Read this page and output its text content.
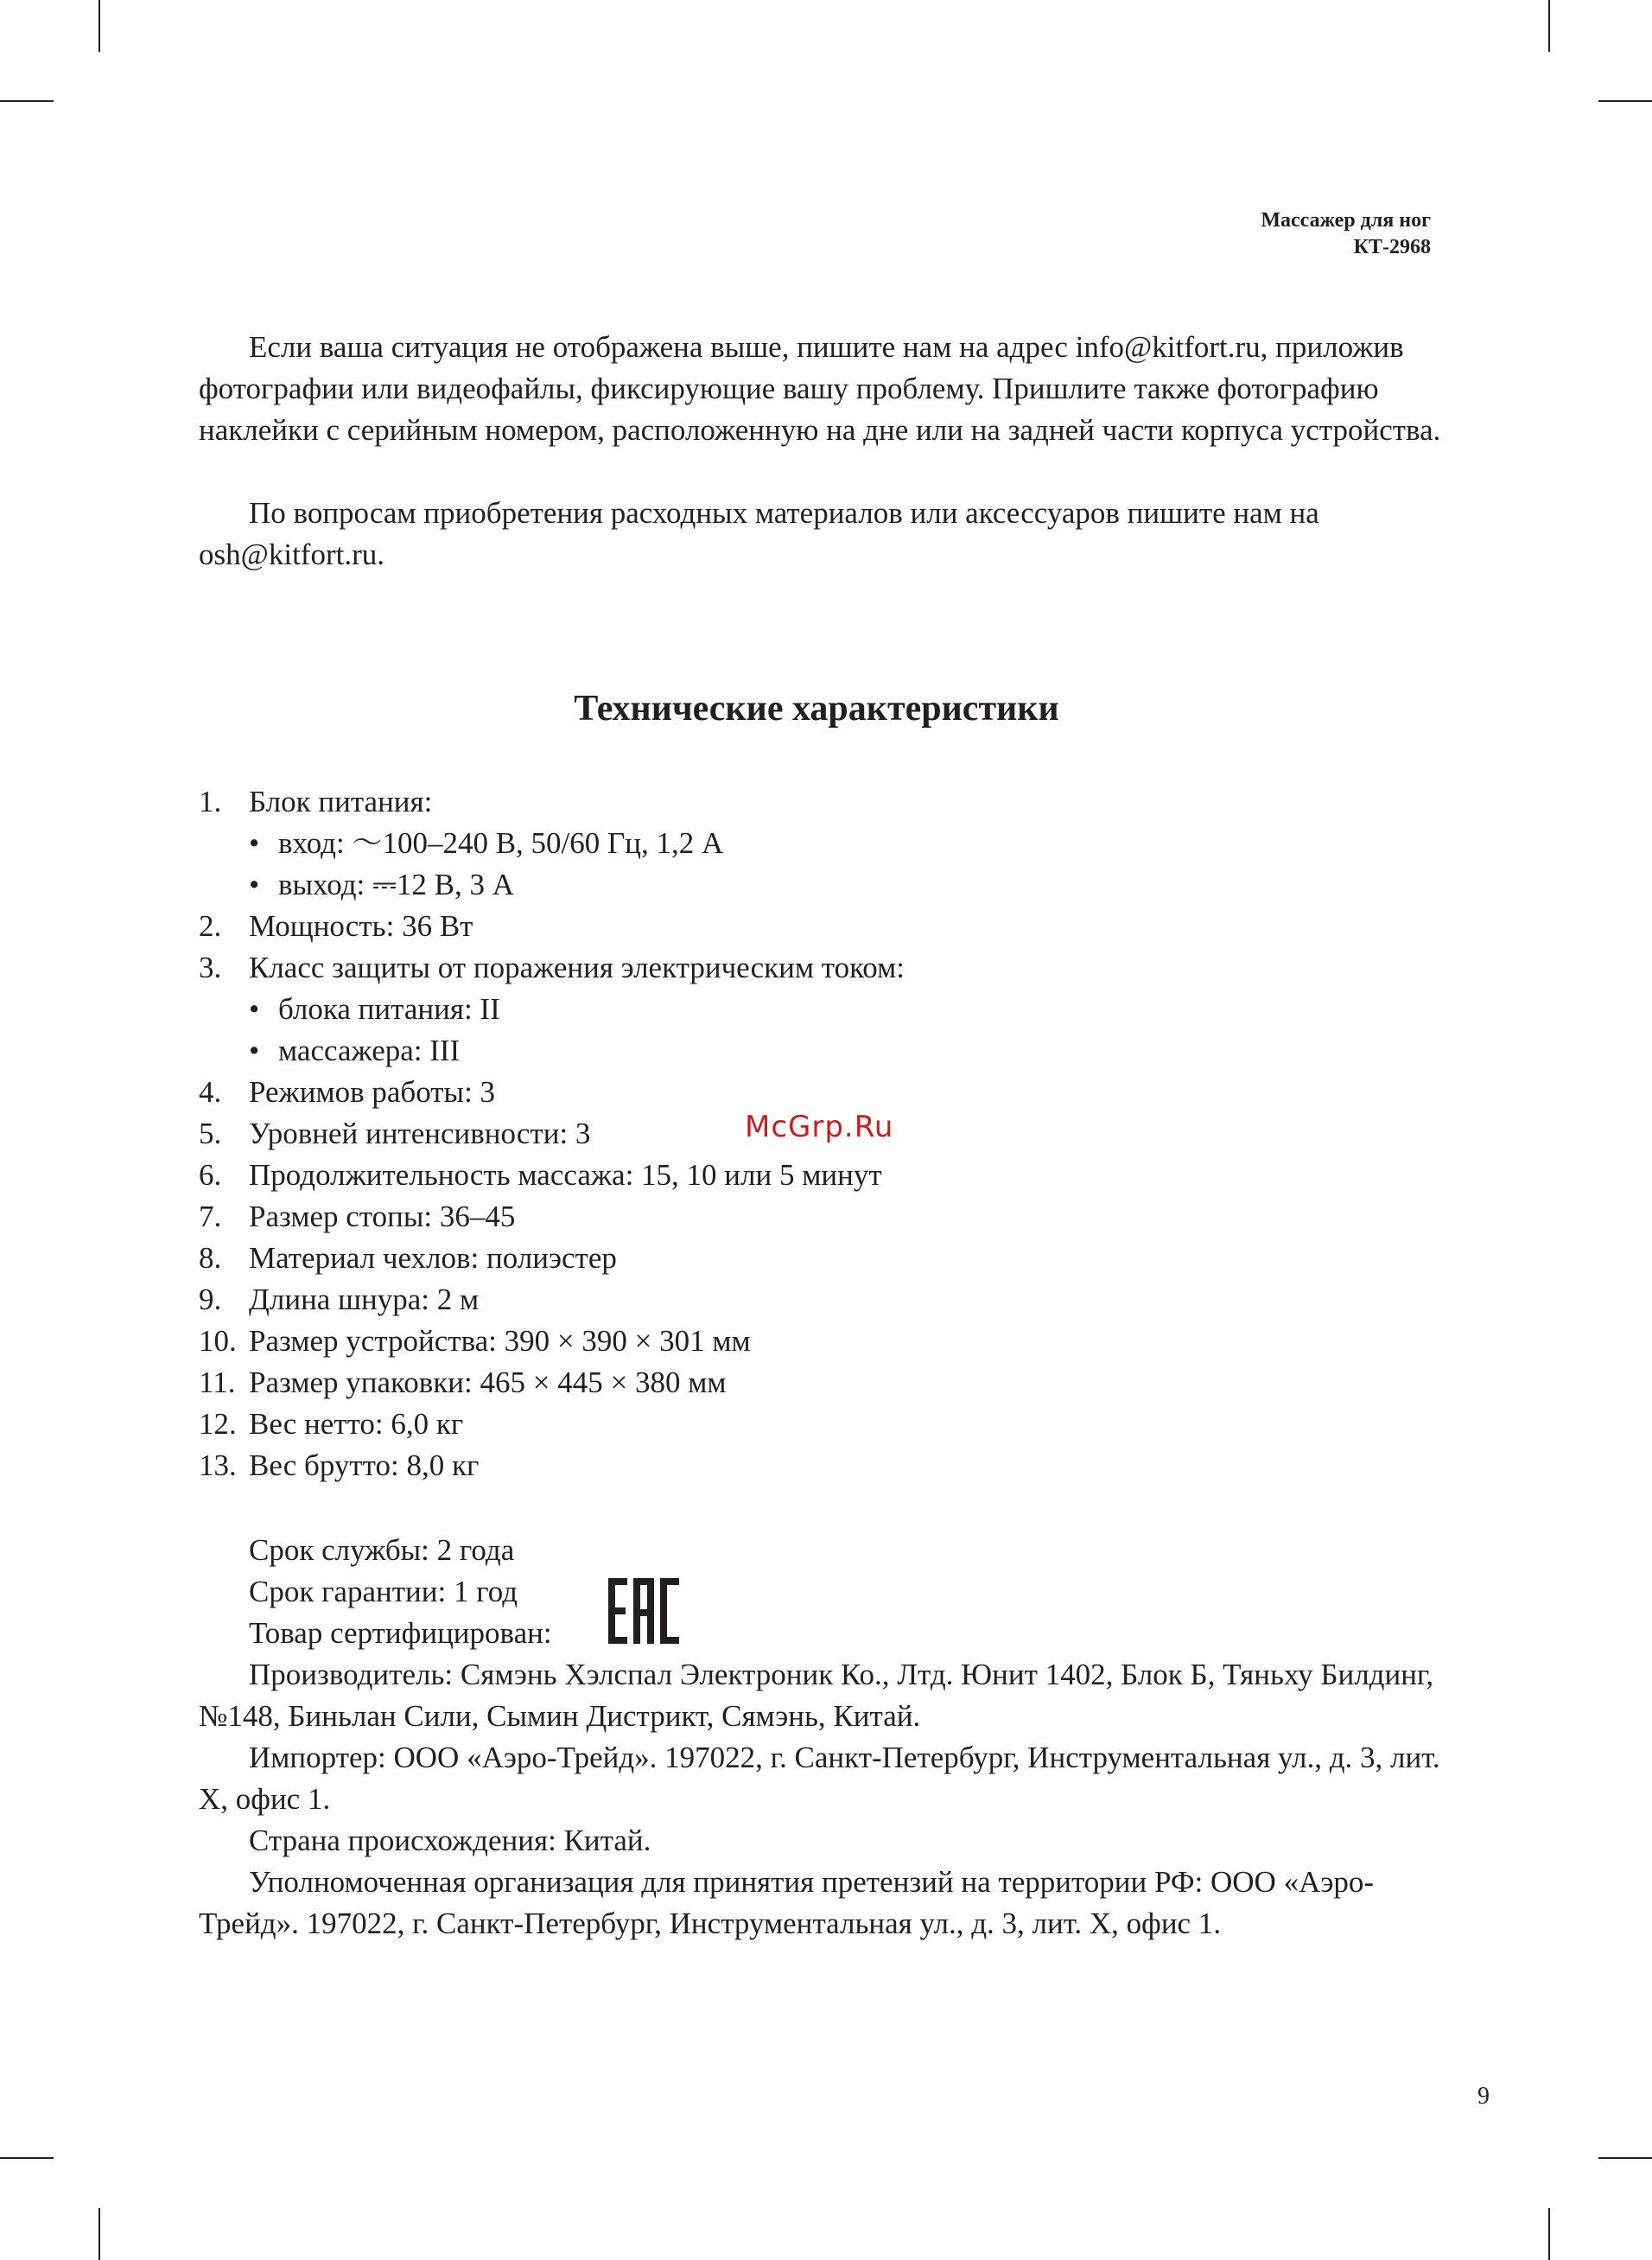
Массажер для ног
КТ-2968

Если ваша ситуация не отображена выше, пишите нам на адрес info@kitfort.ru, приложив фотографии или видеофайлы, фиксирующие вашу проблему. Пришлите также фотографию наклейки с серийным номером, расположенную на дне или на задней части корпуса устройства.

По вопросам приобретения расходных материалов или аксессуаров пишите нам на osh@kitfort.ru.

Технические характеристики
1. Блок питания:
• вход: 〜100–240 В, 50/60 Гц, 1,2 А
• выход: ⎓12 В, 3 А
2. Мощность: 36 Вт
3. Класс защиты от поражения электрическим током:
• блока питания: II
• массажера: III
4. Режимов работы: 3
5. Уровней интенсивности: 3
6. Продолжительность массажа: 15, 10 или 5 минут
7. Размер стопы: 36–45
8. Материал чехлов: полиэстер
9. Длина шнура: 2 м
10. Размер устройства: 390 × 390 × 301 мм
11. Размер упаковки: 465 × 445 × 380 мм
12. Вес нетто: 6,0 кг
13. Вес брутто: 8,0 кг
McGrp.Ru

Срок службы: 2 года

Срок гарантии: 1 год

Товар сертифицирован:

Производитель: Сямэнь Хэлспал Электроник Ко., Лтд. Юнит 1402, Блок Б, Тяньху Билдинг, №148, Биньлан Сили, Сымин Дистрикт, Сямэнь, Китай.

Импортер: ООО «Аэро-Трейд». 197022, г. Санкт-Петербург, Инструментальная ул., д. 3, лит. Х, офис 1.

Страна происхождения: Китай.

Уполномоченная организация для принятия претензий на территории РФ: ООО «Аэро-Трейд». 197022, г. Санкт-Петербург, Инструментальная ул., д. 3, лит. Х, офис 1.

9
